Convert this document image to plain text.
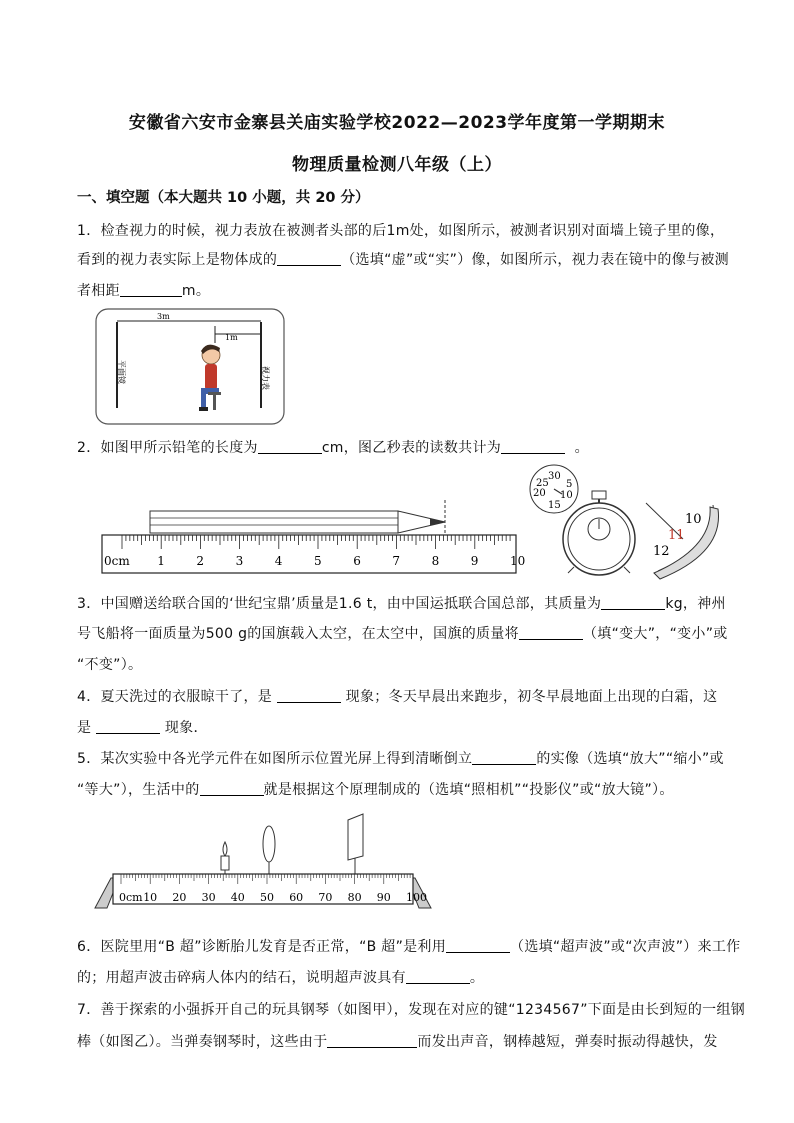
安徽省六安市金寨县关庙实验学校2022—2023学年度第一学期期末
物理质量检测八年级（上）
一、填空题（本大题共 10 小题，共 20 分）
1．检查视力的时候，视力表放在被测者头部的后1m处，如图所示，被测者识别对面墙上镜子里的像，
看到的视力表实际上是物体成的	（选填“虚”或“实”）像，如图所示，视力表在镜中的像与被测
者相距	m。
3m
1m
平面镜	视力表
2．如图甲所示铅笔的长度为	cm，图乙秒表的读数共计为	。
0cm 1	2	3	4	5	6	7	8	9	10
30
25
20
15
10
5
10
11
12
3．中国赠送给联合国的‘世纪宝鼎’质量是1.6 t，由中国运抵联合国总部，其质量为	kg，神州
号飞船将一面质量为500 g的国旗载入太空，在太空中，国旗的质量将	（填“变大”，“变小”或
“不变”）。
4．夏天洗过的衣服晾干了，是	现象；冬天早晨出来跑步，初冬早晨地面上出现的白霜，这
是	现象．
5．某次实验中各光学元件在如图所示位置光屏上得到清晰倒立	的实像（选填“放大”“缩小”或
“等大”），生活中的	就是根据这个原理制成的（选填“照相机”“投影仪”或“放大镜”）。
0cm 10 20 30 40 50 60 70 80 90 100
6．医院里用“B 超”诊断胎儿发育是否正常，“B 超”是利用	（选填“超声波”或“次声波”）来工作
的；用超声波击碎病人体内的结石，说明超声波具有	。
7．善于探索的小强拆开自己的玩具钢琴（如图甲），发现在对应的键“1234567”下面是由长到短的一组钢
棒（如图乙）。当弹奏钢琴时，这些由于	而发出声音，钢棒越短，弹奏时振动得越快，发
